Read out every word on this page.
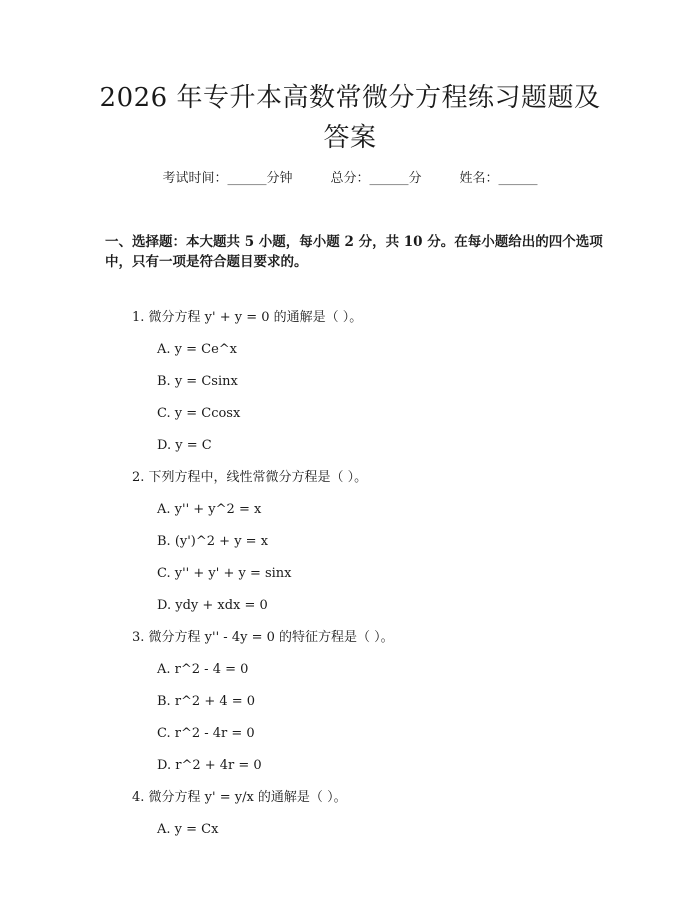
2026 年专升本高数常微分方程练习题题及答案
考试时间：______分钟	总分：______分	姓名：______

一、选择题：本大题共 5 小题，每小题 2 分，共 10 分。在每小题给出的四个选项中，只有一项是符合题目要求的。

1. 微分方程 y' + y = 0 的通解是（ ）。
A. y = Ce^x
B. y = Csinx
C. y = Ccosx
D. y = C
2. 下列方程中，线性常微分方程是（ ）。
A. y'' + y^2 = x
B. (y')^2 + y = x
C. y'' + y' + y = sinx
D. ydy + xdx = 0
3. 微分方程 y'' - 4y = 0 的特征方程是（ ）。
A. r^2 - 4 = 0
B. r^2 + 4 = 0
C. r^2 - 4r = 0
D. r^2 + 4r = 0
4. 微分方程 y' = y/x 的通解是（ ）。
A. y = Cx
